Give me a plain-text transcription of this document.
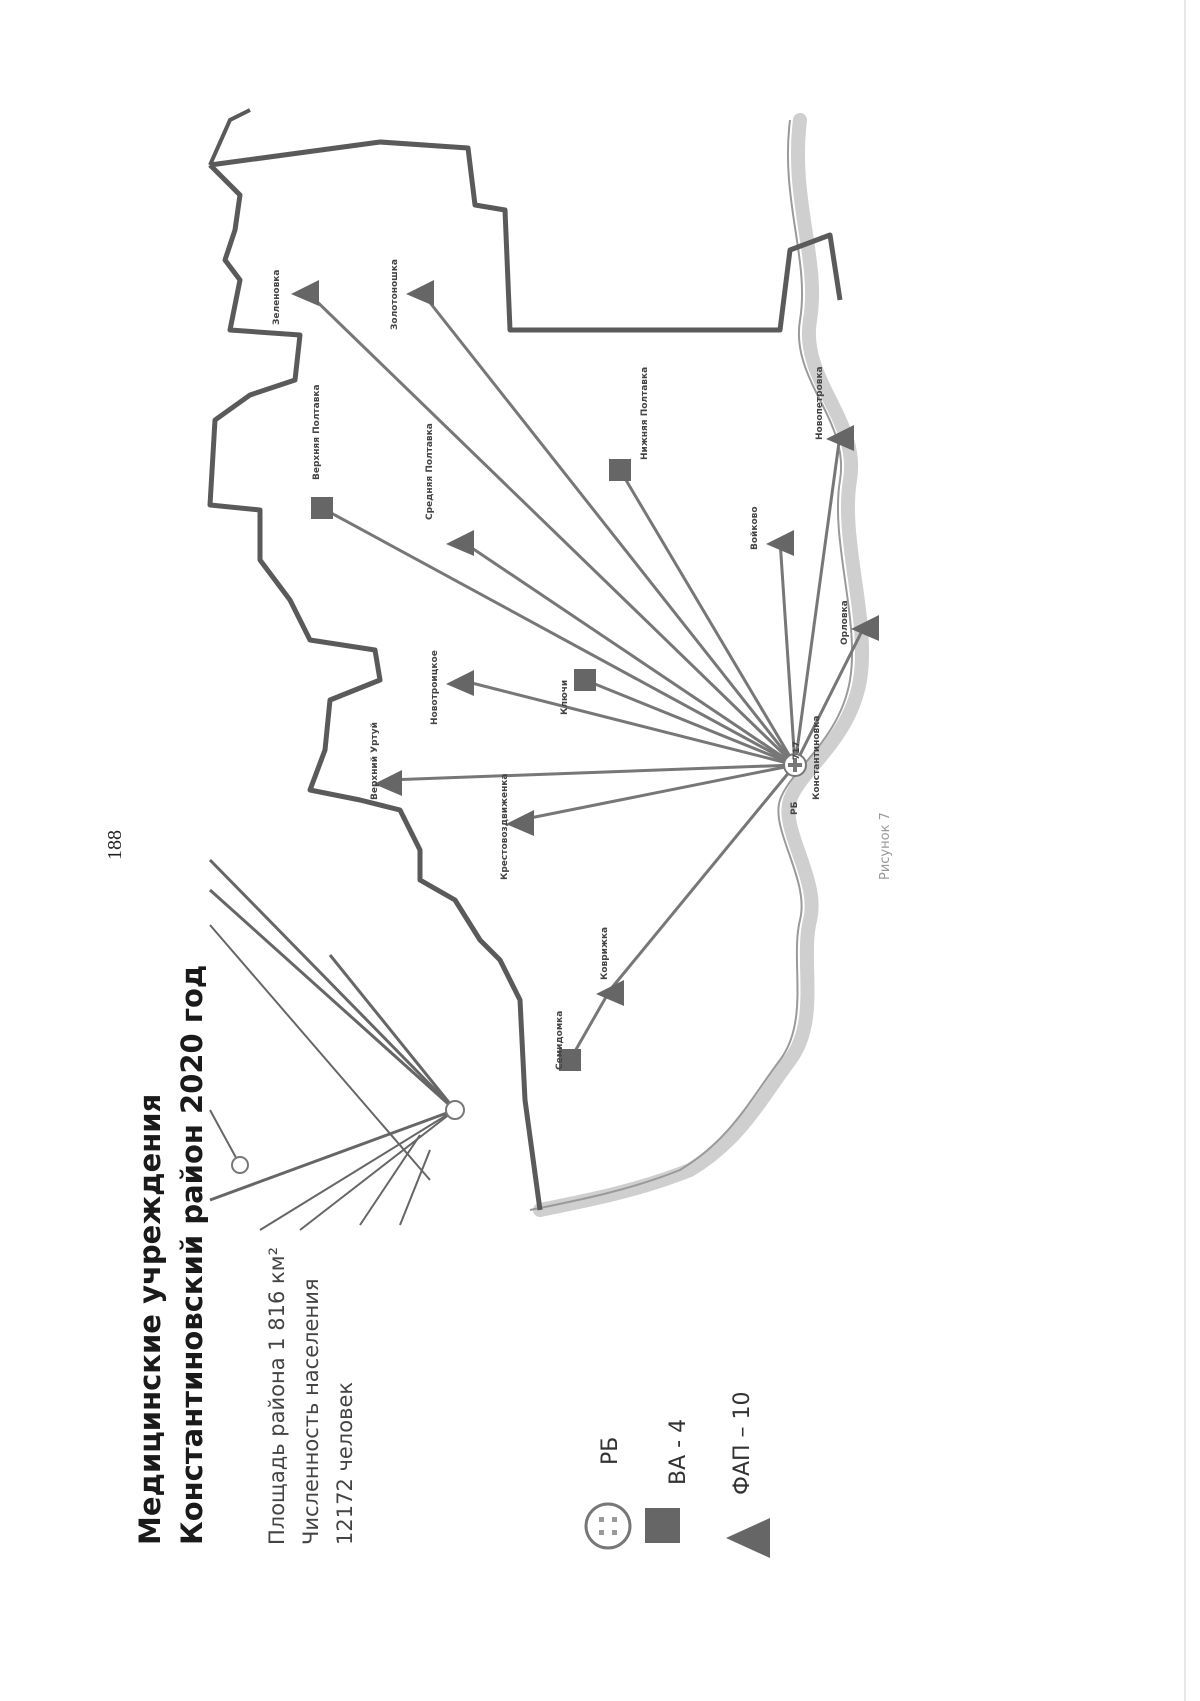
188
Медицинские учреждения Константиновский район 2020 год	Площадь района 1 816 км² Численность населения 12172 человек	РБ ВА - 4 ФАП – 10
Рисунок 7
РБ
Константиновка
717
Зеленовка	Золотоношка
Верхняя Полтавка	Средняя Полтавка
Нижняя Полтавка
Войково
Новопетровка
Орловка
Новотроицкое	Ключи
Верхний Уртуй
Крестовоздвиженка
Коврижка
Семидомка
